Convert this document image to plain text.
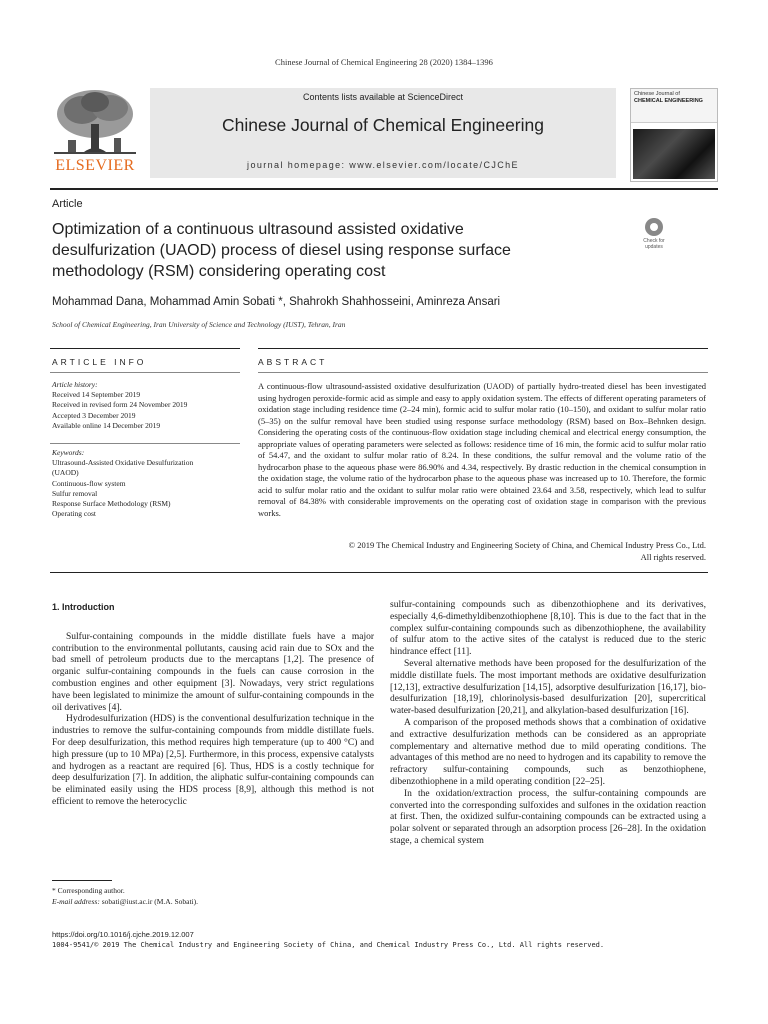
Chinese Journal of Chemical Engineering 28 (2020) 1384–1396
ELSEVIER
Contents lists available at ScienceDirect
Chinese Journal of Chemical Engineering
journal homepage: www.elsevier.com/locate/CJChE
Chinese Journal of
CHEMICAL ENGINEERING
Article
Optimization of a continuous ultrasound assisted oxidative
desulfurization (UAOD) process of diesel using response surface
methodology (RSM) considering operating cost
Check for updates
Mohammad Dana, Mohammad Amin Sobati *, Shahrokh Shahhosseini, Aminreza Ansari
School of Chemical Engineering, Iran University of Science and Technology (IUST), Tehran, Iran
ARTICLE INFO	ABSTRACT
Article history:
Received 14 September 2019
Received in revised form 24 November 2019
Accepted 3 December 2019
Available online 14 December 2019
Keywords:
Ultrasound-Assisted Oxidative Desulfurization
(UAOD)
Continuous-flow system
Sulfur removal
Response Surface Methodology (RSM)
Operating cost
A continuous-flow ultrasound-assisted oxidative desulfurization (UAOD) of partially hydro-treated diesel has been investigated using hydrogen peroxide-formic acid as simple and easy to apply oxidation system. The effects of different operating parameters of oxidation stage including residence time (2–24 min), formic acid to sulfur molar ratio (10–150), and oxidant to sulfur molar ratio (5–35) on the sulfur removal have been studied using response surface methodology (RSM) based on Box–Behnken design. Considering the operating costs of the continuous-flow oxidation stage including chemical and electrical energy consumption, the appropriate values of operating parameters were selected as follows: residence time of 16 min, the formic acid to sulfur molar ratio of 54.47, and the oxidant to sulfur molar ratio of 8.24. In these conditions, the sulfur removal and the volume ratio of the hydrocarbon phase to the aqueous phase were 86.90% and 4.34, respectively. By drastic reduction in the chemical consumption in the oxidation stage, the volume ratio of the hydrocarbon phase to the aqueous phase was increased up to 10. Therefore, the formic acid to sulfur molar ratio and the oxidant to sulfur molar ratio were obtained 23.64 and 3.58, respectively, which lead to sulfur removal of 84.38% with considerable improvements on the operating cost of oxidation stage in comparison with the previous works.
© 2019 The Chemical Industry and Engineering Society of China, and Chemical Industry Press Co., Ltd.
All rights reserved.
1. Introduction

Sulfur-containing compounds in the middle distillate fuels have a major contribution to the environmental pollutants, causing acid rain due to SOx and the bad smell of petroleum products due to the mercaptans [1,2]. The presence of organic sulfur-containing compounds in the fuels can cause corrosion in the combustion engines and other equipment [3]. Nowadays, very strict regulations have been legislated to minimize the amount of sulfur-containing compounds in the oil derivatives [4].

Hydrodesulfurization (HDS) is the conventional desulfurization technique in the industries to remove the sulfur-containing compounds from middle distillate fuels. For deep desulfurization, this method requires high temperature (up to 400 °C) and high pressure (up to 10 MPa) [2,5]. Furthermore, in this process, expensive catalysts and hydrogen as a reactant are required [6]. Thus, HDS is a costly technique for deep desulfurization [7]. In addition, the aliphatic sulfur-containing compounds can be eliminated easily using the HDS process [8,9], although this method is not efficient to remove the heterocyclic

sulfur-containing compounds such as dibenzothiophene and its derivatives, especially 4,6-dimethyldibenzothiophene [8,10]. This is due to the fact that in the complex sulfur-containing compounds such as dibenzothiophene, the availability of sulfur atom to the active sites of the catalyst is reduced due to the steric hindrance effect [11].

Several alternative methods have been proposed for the desulfurization of the middle distillate fuels. The most important methods are oxidative desulfurization [12,13], extractive desulfurization [14,15], adsorptive desulfurization [16,17], bio-desulfurization [18,19], chlorinolysis-based desulfurization [20], supercritical water-based desulfurization [20,21], and alkylation-based desulfurization [16].

A comparison of the proposed methods shows that a combination of oxidative and extractive desulfurization methods can be considered as an appropriate complementary and alternative method due to mild operating conditions. The advantages of this method are no need to hydrogen and its capability to remove the refractory sulfur-containing compounds, such as benzothiophene, dibenzothiophene in a mild operating condition [22–25].

In the oxidation/extraction process, the sulfur-containing compounds are converted into the corresponding sulfoxides and sulfones in the oxidation reaction at first. Then, the oxidized sulfur-containing compounds can be extracted using a polar solvent or separated through an adsorption process [26–28]. In the oxidation stage, a chemical system

* Corresponding author.
E-mail address: sobati@iust.ac.ir (M.A. Sobati).
https://doi.org/10.1016/j.cjche.2019.12.007
1004-9541/© 2019 The Chemical Industry and Engineering Society of China, and Chemical Industry Press Co., Ltd. All rights reserved.
